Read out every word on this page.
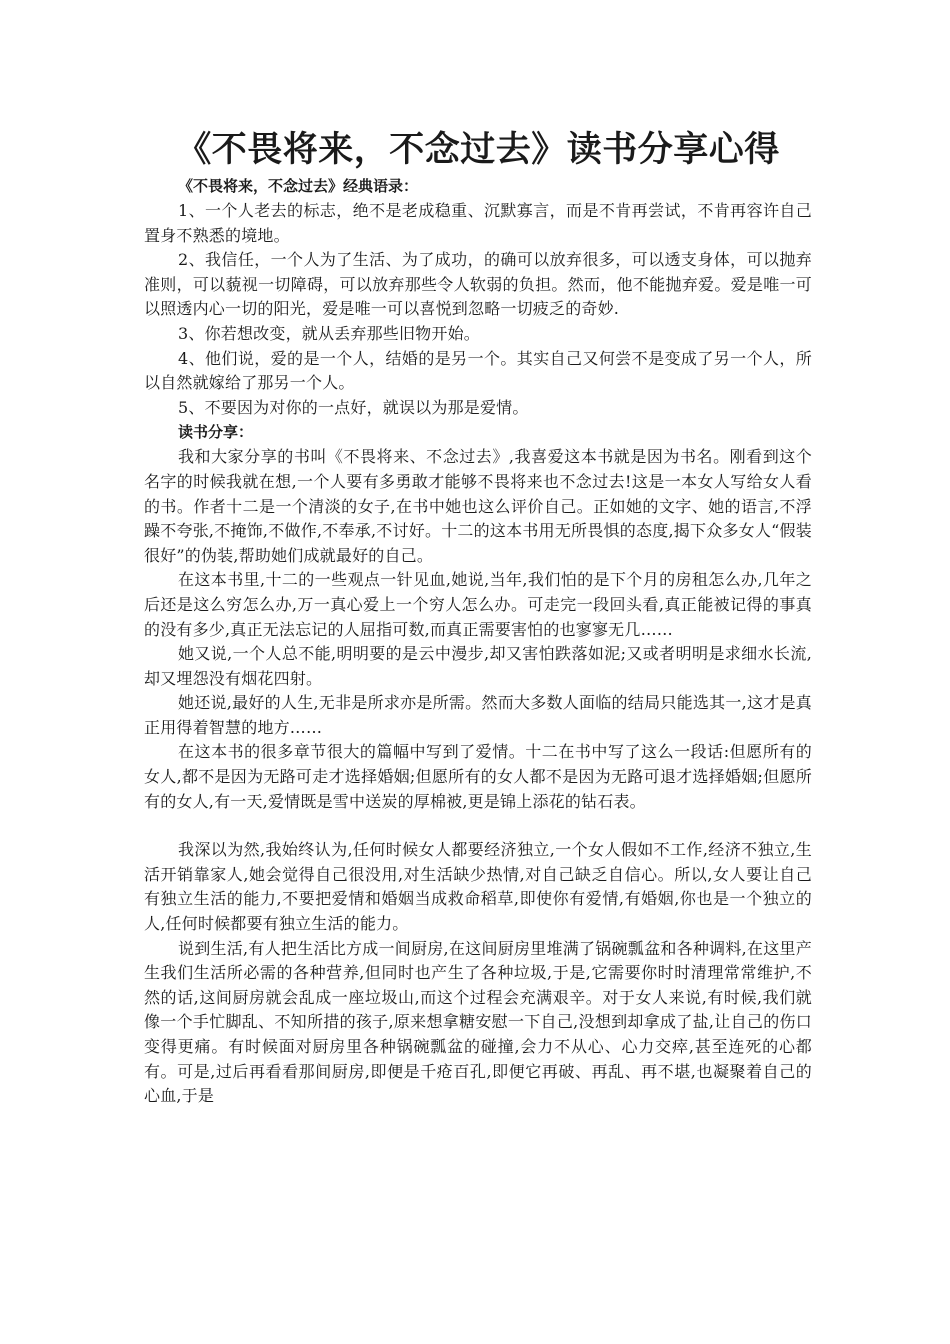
《不畏将来，不念过去》读书分享心得
《不畏将来，不念过去》经典语录：

1、一个人老去的标志，绝不是老成稳重、沉默寡言，而是不肯再尝试，不肯再容许自己置身不熟悉的境地。

2、我信任，一个人为了生活、为了成功，的确可以放弃很多，可以透支身体，可以抛弃准则，可以藐视一切障碍，可以放弃那些令人软弱的负担。然而，他不能抛弃爱。爱是唯一可以照透内心一切的阳光，爱是唯一可以喜悦到忽略一切疲乏的奇妙.

3、你若想改变，就从丢弃那些旧物开始。

4、他们说，爱的是一个人，结婚的是另一个。其实自己又何尝不是变成了另一个人，所以自然就嫁给了那另一个人。

5、不要因为对你的一点好，就误以为那是爱情。

读书分享：

我和大家分享的书叫《不畏将来、不念过去》,我喜爱这本书就是因为书名。刚看到这个名字的时候我就在想,一个人要有多勇敢才能够不畏将来也不念过去!这是一本女人写给女人看的书。作者十二是一个清淡的女子,在书中她也这么评价自己。正如她的文字、她的语言,不浮躁不夸张,不掩饰,不做作,不奉承,不讨好。十二的这本书用无所畏惧的态度,揭下众多女人“假装很好”的伪装,帮助她们成就最好的自己。

在这本书里,十二的一些观点一针见血,她说,当年,我们怕的是下个月的房租怎么办,几年之后还是这么穷怎么办,万一真心爱上一个穷人怎么办。可走完一段回头看,真正能被记得的事真的没有多少,真正无法忘记的人屈指可数,而真正需要害怕的也寥寥无几……

她又说,一个人总不能,明明要的是云中漫步,却又害怕跌落如泥;又或者明明是求细水长流,却又埋怨没有烟花四射。

她还说,最好的人生,无非是所求亦是所需。然而大多数人面临的结局只能选其一,这才是真正用得着智慧的地方……

在这本书的很多章节很大的篇幅中写到了爱情。十二在书中写了这么一段话:但愿所有的女人,都不是因为无路可走才选择婚姻;但愿所有的女人都不是因为无路可退才选择婚姻;但愿所有的女人,有一天,爱情既是雪中送炭的厚棉被,更是锦上添花的钻石表。

我深以为然,我始终认为,任何时候女人都要经济独立,一个女人假如不工作,经济不独立,生活开销靠家人,她会觉得自己很没用,对生活缺少热情,对自己缺乏自信心。所以,女人要让自己有独立生活的能力,不要把爱情和婚姻当成救命稻草,即使你有爱情,有婚姻,你也是一个独立的人,任何时候都要有独立生活的能力。

说到生活,有人把生活比方成一间厨房,在这间厨房里堆满了锅碗瓢盆和各种调料,在这里产生我们生活所必需的各种营养,但同时也产生了各种垃圾,于是,它需要你时时清理常常维护,不然的话,这间厨房就会乱成一座垃圾山,而这个过程会充满艰辛。对于女人来说,有时候,我们就像一个手忙脚乱、不知所措的孩子,原来想拿糖安慰一下自己,没想到却拿成了盐,让自己的伤口变得更痛。有时候面对厨房里各种锅碗瓢盆的碰撞,会力不从心、心力交瘁,甚至连死的心都有。可是,过后再看看那间厨房,即便是千疮百孔,即便它再破、再乱、再不堪,也凝聚着自己的心血,于是
